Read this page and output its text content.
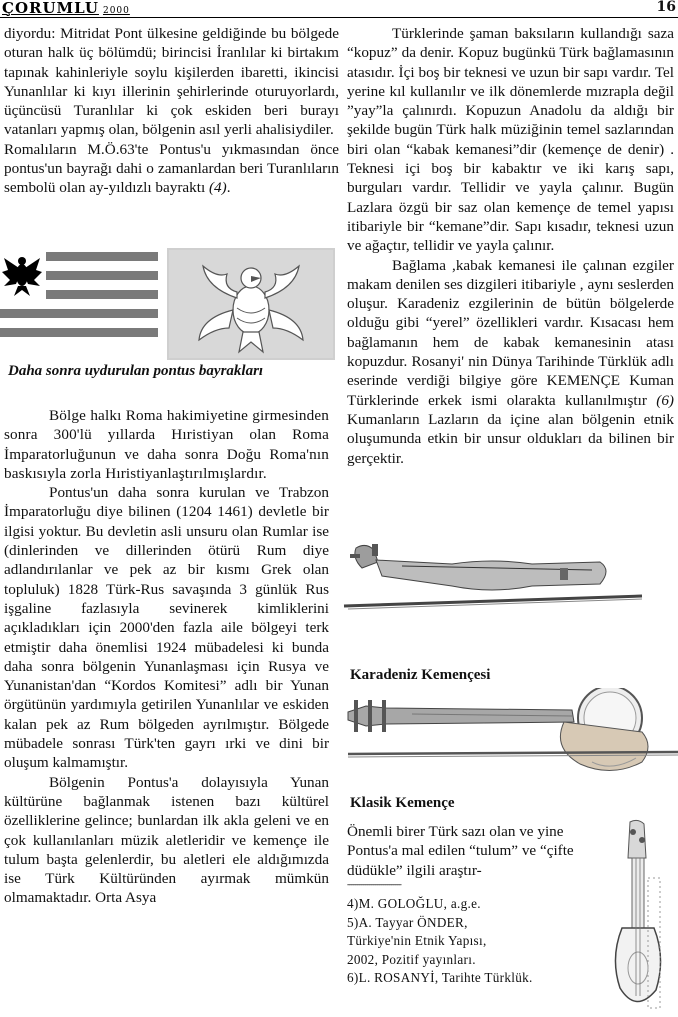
ÇORUMLU 2000	16

diyordu: Mitridat Pont ülkesine geldiğinde bu bölgede oturan halk üç bölümdü; birincisi İranlılar ki birtakım tapınak kahinleriyle soylu kişilerden ibaretti, ikincisi Yunanlılar ki kıyı illerinin şehirlerinde oturuyorlardı, üçüncüsü Turanlılar ki çok eskiden beri burayı vatanları yapmış olan, bölgenin asıl yerli ahalisiydiler.

Romalıların M.Ö.63'te Pontus'u yıkmasından önce pontus'un bayrağı dahi o zamanlardan beri Turanlıların sembolü olan ay-yıldızlı bayraktı (4).

Daha sonra uydurulan pontus bayrakları

Bölge halkı Roma hakimiyetine girmesinden sonra 300'lü yıllarda Hıristiyan olan Roma İmparatorluğunun ve daha sonra Doğu Roma'nın baskısıyla zorla Hıristiyanlaştırılmışlardır.

Pontus'un daha sonra kurulan ve Trabzon İmparatorluğu diye bilinen (1204 1461) devletle bir ilgisi yoktur. Bu devletin asli unsuru olan Rumlar ise (dinlerinden ve dillerinden ötürü Rum diye adlandırılanlar ve pek az bir kısmı Grek olan topluluk) 1828 Türk-Rus savaşında 3 günlük Rus işgaline fazlasıyla sevinerek kimliklerini açıkladıkları için 2000'den fazla aile bölgeyi terk etmiştir daha önemlisi 1924 mübadelesi ki bunda daha sonra bölgenin Yunanlaşması için Rusya ve Yunanistan'dan “Kordos Komitesi” adlı bir Yunan örgütünün yardımıyla getirilen Yunanlılar ve eskiden kalan pek az Rum bölgeden ayrılmıştır. Bölgede mübadele sonrası Türk'ten gayrı ırki ve dini bir oluşum kalmamıştır.

Bölgenin Pontus'a dolayısıyla Yunan kültürüne bağlanmak istenen bazı kültürel özelliklerine gelince; bunlardan ilk akla geleni ve en çok kullanılanları müzik aletleridir ve kemençe ile tulum başta gelenlerdir, bu aletleri ele aldığımızda ise Türk Kültüründen ayırmak mümkün olmamaktadır. Orta Asya

Türklerinde şaman baksıların kullandığı saza “kopuz” da denir. Kopuz bugünkü Türk bağlamasının atasıdır. İçi boş bir teknesi ve uzun bir sapı vardır. Tel yerine kıl kullanılır ve ilk dönemlerde mızrapla değil ”yay”la çalınırdı. Kopuzun Anadolu da aldığı bir şekilde bugün Türk halk müziğinin temel sazlarından biri olan “kabak kemanesi”dir (kemençe de denir) . Teknesi içi boş bir kabaktır ve iki karış sapı, burguları vardır. Tellidir ve yayla çalınır. Bugün Lazlara özgü bir saz olan kemençe de temel yapısı itibariyle bir “kemane”dir. Sapı kısadır, teknesi uzun ve ağaçtır, tellidir ve yayla çalınır.

Bağlama ,kabak kemanesi ile çalınan ezgiler makam denilen ses dizgileri itibariyle , aynı seslerden oluşur. Karadeniz ezgilerinin de bütün bölgelerde olduğu gibi “yerel” özellikleri vardır. Kısacası hem bağlamanın hem de kabak kemanesinin atası kopuzdur. Rosanyi' nin Dünya Tarihinde Türklük adlı eserinde verdiği bilgiye göre KEMENÇE Kuman Türklerinde erkek ismi olarakta kullanılmıştır (6) Kumanların Lazların da içine alan bölgenin etnik oluşumunda etkin bir unsur oldukları da bilinen bir gerçektir.

Karadeniz Kemençesi
Klasik Kemençe
Önemli birer Türk sazı olan ve yine Pontus'a mal edilen “tulum” ve “çifte düdükle” ilgili araştır-
---------------------------
4)M. GOLOĞLU, a.g.e.
5)A. Tayyar ÖNDER,
Türkiye'nin Etnik Yapısı,
2002, Pozitif yayınları.
6)L. ROSANYİ, Tarihte Türklük.
